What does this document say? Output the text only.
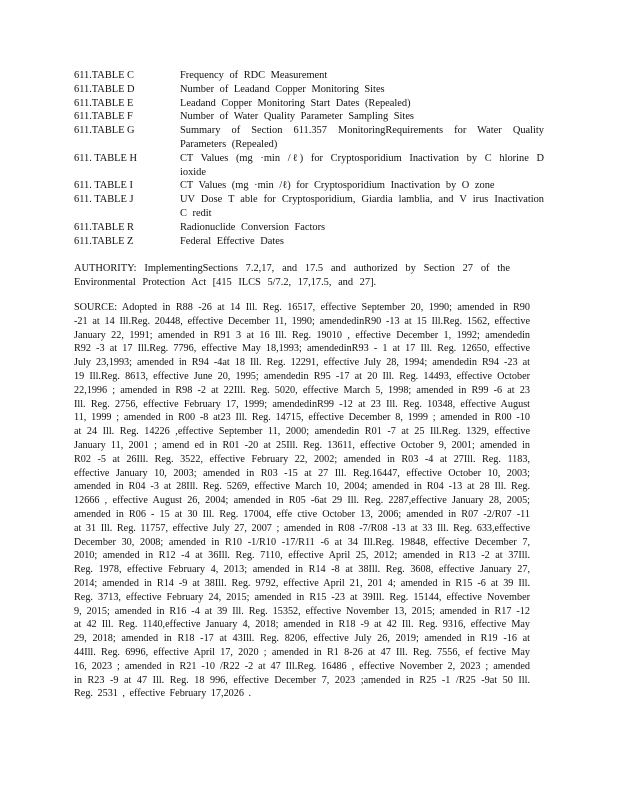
611.TABLE C	Frequency of RDC Measurement
611.TABLE D	Number of Leadand Copper Monitoring Sites
611.TABLE E	Leadand Copper Monitoring Start Dates (Repealed)
611.TABLE F	Number of Water Quality Parameter Sampling Sites
611.TABLE G	Summary of Section 611.357 MonitoringRequirements for Water Quality Parameters (Repealed)
611. TABLE H	CT Values (mg ·min /ℓ) for Cryptosporidium Inactivation by C hlorine D ioxide
611. TABLE I	CT Values (mg ·min /ℓ) for Cryptosporidium Inactivation by O zone
611. TABLE J	UV Dose T able for Cryptosporidium, Giardia lamblia, and V irus Inactivation C redit
611.TABLE R	Radionuclide Conversion Factors
611.TABLE Z	Federal Effective Dates

AUTHORITY: ImplementingSections 7.2,17, and 17.5 and authorized by Section 27 of the Environmental Protection Act [415 ILCS 5/7.2, 17,17.5, and 27].

SOURCE: Adopted in R88 -26 at 14 Ill. Reg. 16517, effective September 20, 1990; amended in R90 -21 at 14 Ill.Reg. 20448, effective December 11, 1990; amendedinR90 -13 at 15 Ill.Reg. 1562, effective January 22, 1991; amended in R91 3 at 16 Ill. Reg. 19010 , effective December 1, 1992; amendedin R92 -3 at 17 Ill.Reg. 7796, effective May 18,1993; amendedinR93 - 1 at 17 Ill. Reg. 12650, effective July 23,1993; amended in R94 -4at 18 Ill. Reg. 12291, effective July 28, 1994; amendedin R94 -23 at 19 Ill.Reg. 8613, effective June 20, 1995; amendedin R95 -17 at 20 Ill. Reg. 14493, effective October 22,1996 ; amended in R98 -2 at 22Ill. Reg. 5020, effective March 5, 1998; amended in R99 -6 at 23 Ill. Reg. 2756, effective February 17, 1999; amendedinR99 -12 at 23 Ill. Reg. 10348, effective August 11, 1999 ; amended in R00 -8 at23 Ill. Reg. 14715, effective December 8, 1999 ; amended in R00 -10 at 24 Ill. Reg. 14226 ,effective September 11, 2000; amendedin R01 -7 at 25 Ill.Reg. 1329, effective January 11, 2001 ; amend ed in R01 -20 at 25Ill. Reg. 13611, effective October 9, 2001; amended in R02 -5 at 26Ill. Reg. 3522, effective February 22, 2002; amended in R03 -4 at 27Ill. Reg. 1183, effective January 10, 2003; amended in R03 -15 at 27 Ill. Reg.16447, effective October 10, 2003; amended in R04 -3 at 28Ill. Reg. 5269, effective March 10, 2004; amended in R04 -13 at 28 Ill. Reg. 12666 , effective August 26, 2004; amended in R05 -6at 29 Ill. Reg. 2287,effective January 28, 2005; amended in R06 - 15 at 30 Ill. Reg. 17004, effe ctive October 13, 2006; amended in R07 -2/R07 -11 at 31 Ill. Reg. 11757, effective July 27, 2007 ; amended in R08 -7/R08 -13 at 33 Ill. Reg. 633,effective December 30, 2008; amended in R10 -1/R10 -17/R11 -6 at 34 Ill.Reg. 19848, effective December 7, 2010; amended in R12 -4 at 36Ill. Reg. 7110, effective April 25, 2012; amended in R13 -2 at 37Ill. Reg. 1978, effective February 4, 2013; amended in R14 -8 at 38Ill. Reg. 3608, effective January 27, 2014; amended in R14 -9 at 38Ill. Reg. 9792, effective April 21, 201 4; amended in R15 -6 at 39 Ill. Reg. 3713, effective February 24, 2015; amended in R15 -23 at 39Ill. Reg. 15144, effective November 9, 2015; amended in R16 -4 at 39 Ill. Reg. 15352, effective November 13, 2015; amended in R17 -12 at 42 Ill. Reg. 1140,effective January 4, 2018; amended in R18 -9 at 42 Ill. Reg. 9316, effective May 29, 2018; amended in R18 -17 at 43Ill. Reg. 8206, effective July 26, 2019; amended in R19 -16 at 44Ill. Reg. 6996, effective April 17, 2020 ; amended in R1 8-26 at 47 Ill. Reg. 7556, ef fective May 16, 2023 ; amended in R21 -10 /R22 -2 at 47 Ill.Reg. 16486 , effective November 2, 2023 ; amended in R23 -9 at 47 Ill. Reg. 18 996, effective December 7, 2023 ;amended in R25 -1 /R25 -9at 50 Ill. Reg. 2531 , effective February 17,2026 .
